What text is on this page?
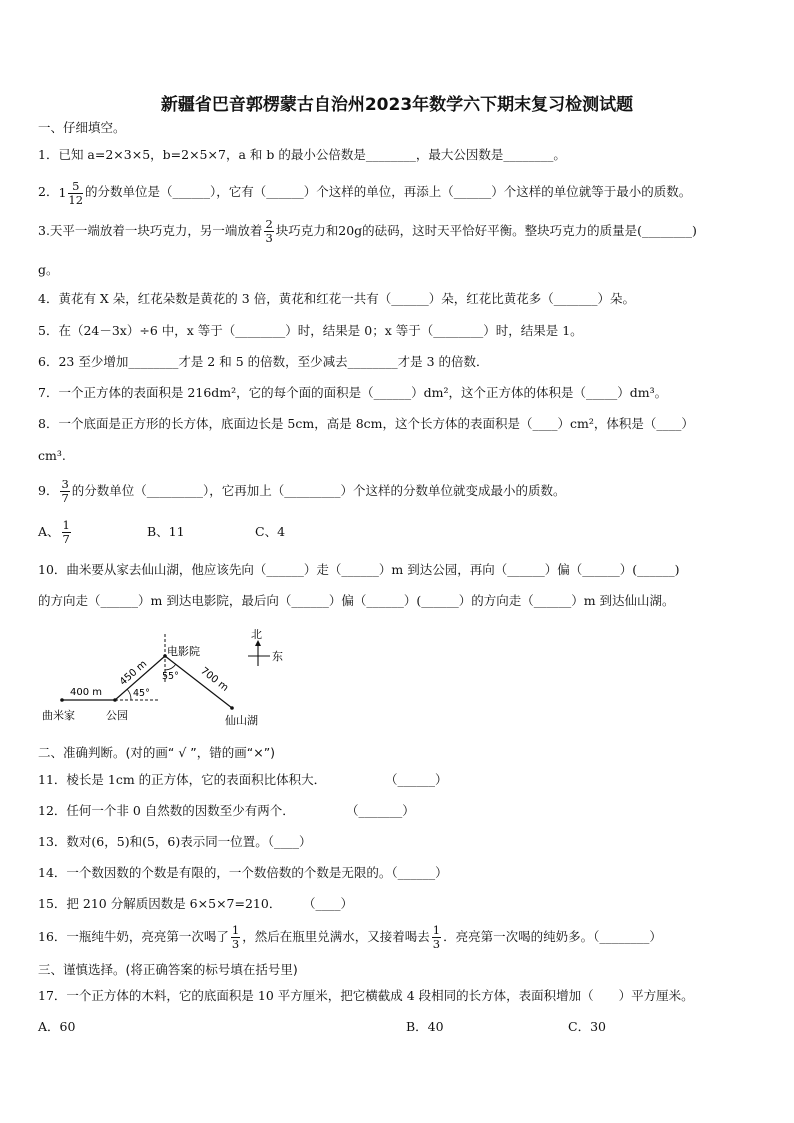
新疆省巴音郭楞蒙古自治州2023年数学六下期末复习检测试题
一、仔细填空。
1．已知 a=2×3×5，b=2×5×7，a 和 b 的最小公倍数是________，最大公因数是________。
2．$1 \frac{5}{12}$ 的分数单位是（______），它有（______）个这样的单位，再添上（______）个这样的单位就等于最小的质数。
3.天平一端放着一块巧克力，另一端放着 $\frac{2}{3}$ 块巧克力和20g的砝码，这时天平恰好平衡。整块巧克力的质量是(________)
g。
4．黄花有 X 朵，红花朵数是黄花的 3 倍，黄花和红花一共有（______）朵，红花比黄花多（_______）朵。
5．在（24－3x）÷6 中，x 等于（________）时，结果是 0；x 等于（________）时，结果是 1。
6．23 至少增加________才是 2 和 5 的倍数，至少减去________才是 3 的倍数．
7．一个正方体的表面积是 216dm²，它的每个面的面积是（______）dm²，这个正方体的体积是（_____）dm³。
8．一个底面是正方形的长方体，底面边长是 5cm，高是 8cm，这个长方体的表面积是（____）cm²，体积是（____）
cm³.
9． $\frac{3}{7}$ 的分数单位（_________），它再加上（_________）个这样的分数单位就变成最小的质数。
A、 $\frac{1}{7}$	B、11	C、4
10．曲米要从家去仙山湖，他应该先向（______）走（______）m 到达公园，再向（______）偏（______）(______)
的方向走（______）m 到达电影院，最后向（______）偏（______）(______）的方向走（______）m 到达仙山湖。
400 m
450 m	700 m
45°
55°
电影院
曲米家	公园	仙山湖
北
东
二、准确判断。(对的画“ √ ”，错的画“×”)
11．棱长是 1cm 的正方体，它的表面积比体积大．	（______）
12．任何一个非 0 自然数的因数至少有两个．	（_______）
13．数对(6，5)和(5，6)表示同一位置。（____）
14．一个数因数的个数是有限的，一个数倍数的个数是无限的。（______）
15．把 210 分解质因数是 6×5×7=210． （____）
16．一瓶纯牛奶，亮亮第一次喝了 $\frac{1}{3}$ ，然后在瓶里兑满水，又接着喝去 $\frac{1}{3}$ ．亮亮第一次喝的纯奶多。（________）
三、谨慎选择。(将正确答案的标号填在括号里)
17．一个正方体的木料，它的底面积是 10 平方厘米，把它横截成 4 段相同的长方体，表面积增加（　　）平方厘米。
A．60	B．40	C．30
